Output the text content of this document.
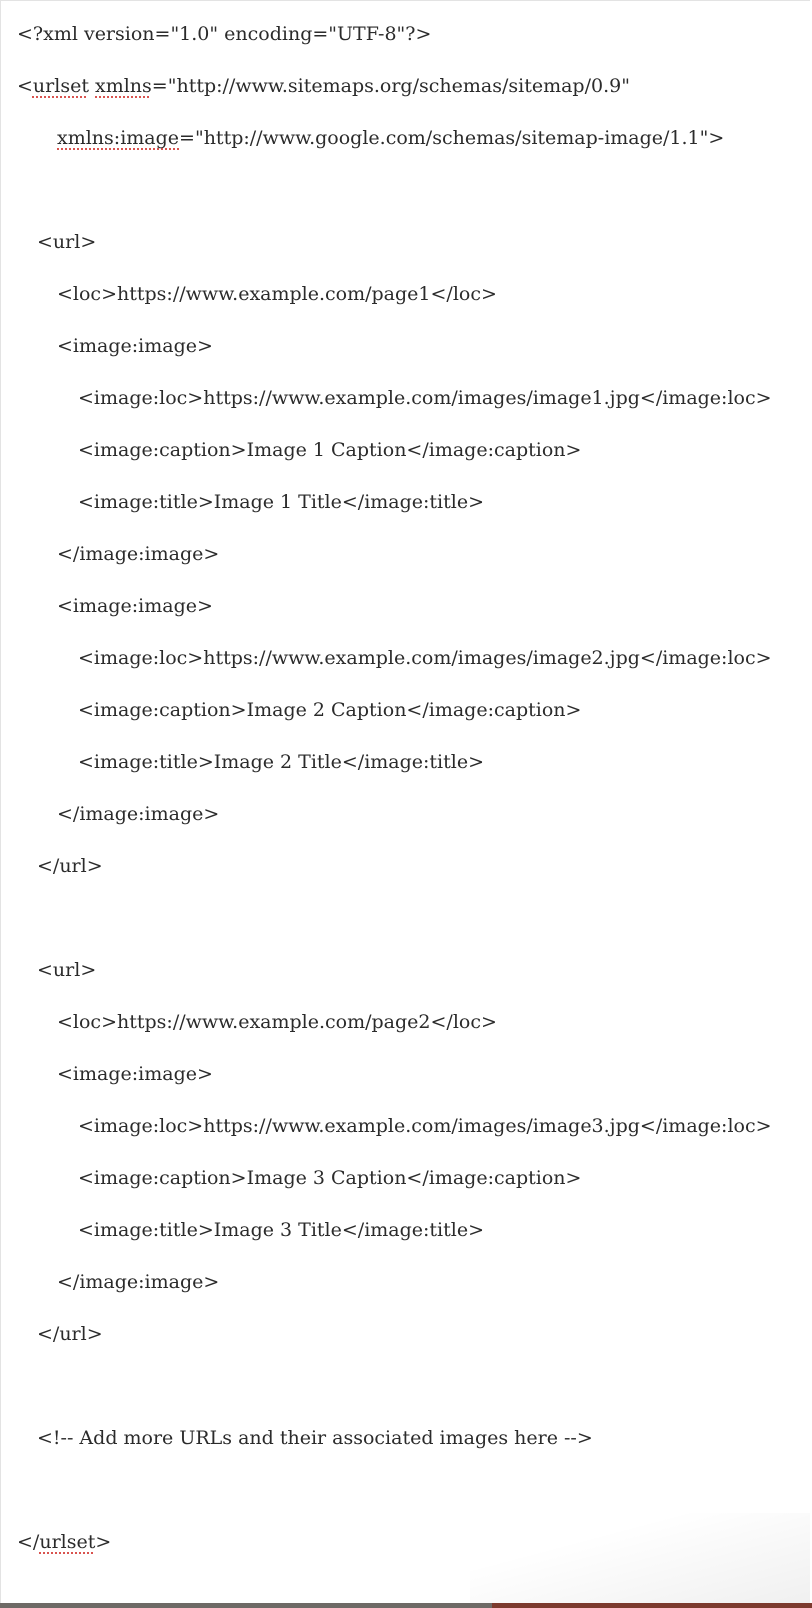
<?xml version="1.0" encoding="UTF-8"?>
<urlset xmlns="http://www.sitemaps.org/schemas/sitemap/0.9"
xmlns:image="http://www.google.com/schemas/sitemap-image/1.1">
<url>
<loc>https://www.example.com/page1</loc>
<image:image>
<image:loc>https://www.example.com/images/image1.jpg</image:loc>
<image:caption>Image 1 Caption</image:caption>
<image:title>Image 1 Title</image:title>
</image:image>
<image:image>
<image:loc>https://www.example.com/images/image2.jpg</image:loc>
<image:caption>Image 2 Caption</image:caption>
<image:title>Image 2 Title</image:title>
</image:image>
</url>
<url>
<loc>https://www.example.com/page2</loc>
<image:image>
<image:loc>https://www.example.com/images/image3.jpg</image:loc>
<image:caption>Image 3 Caption</image:caption>
<image:title>Image 3 Title</image:title>
</image:image>
</url>
<!-- Add more URLs and their associated images here -->
</urlset>
